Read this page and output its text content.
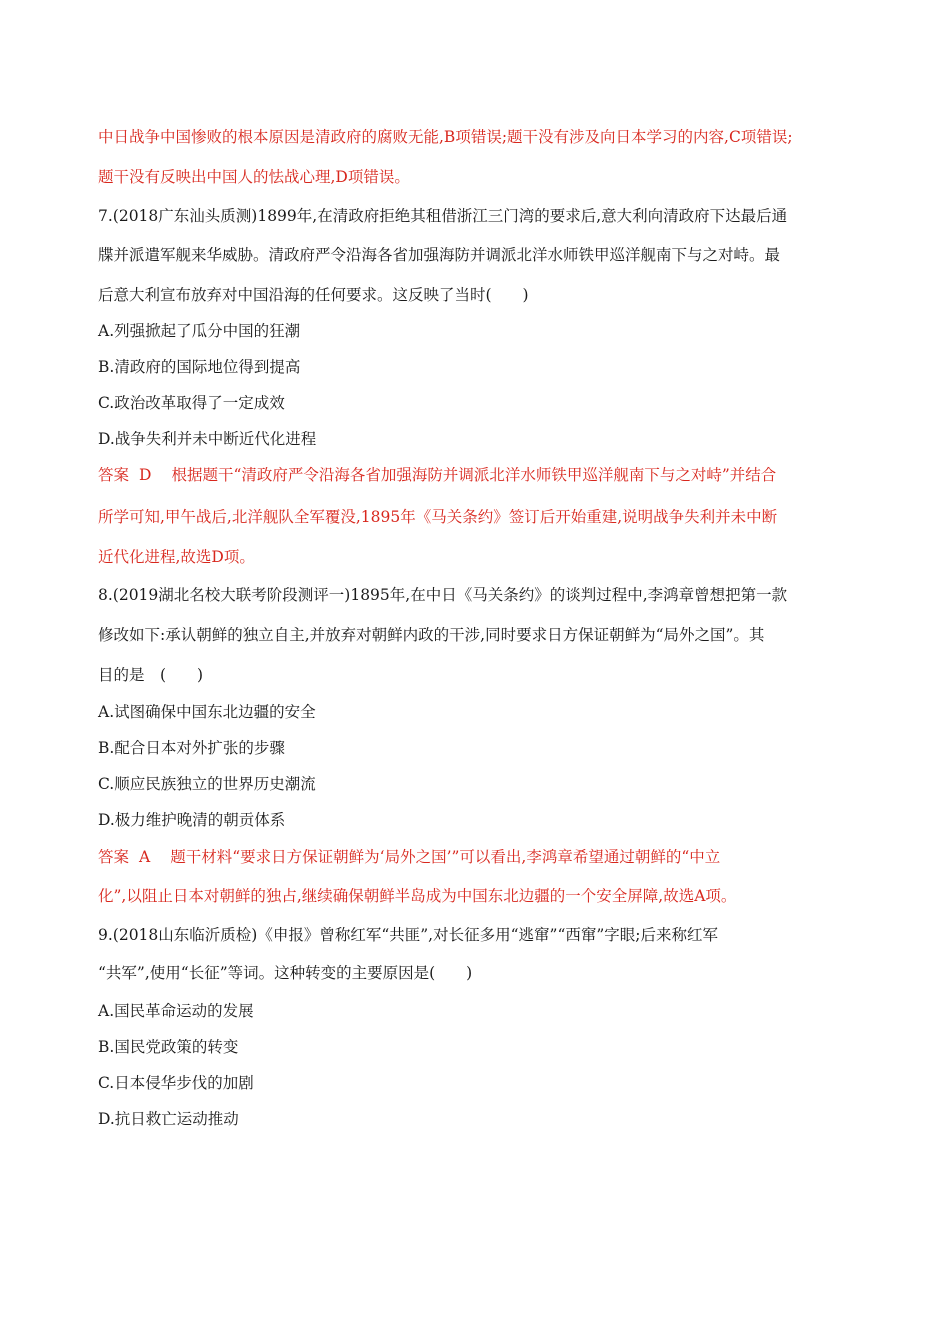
中日战争中国惨败的根本原因是清政府的腐败无能,B项错误;题干没有涉及向日本学习的内容,C项错误;
题干没有反映出中国人的怯战心理,D项错误。
7.(2018广东汕头质测)1899年,在清政府拒绝其租借浙江三门湾的要求后,意大利向清政府下达最后通
牒并派遣军舰来华威胁。清政府严令沿海各省加强海防并调派北洋水师铁甲巡洋舰南下与之对峙。最
后意大利宣布放弃对中国沿海的任何要求。这反映了当时(　　)
A.列强掀起了瓜分中国的狂潮
B.清政府的国际地位得到提高
C.政治改革取得了一定成效
D.战争失利并未中断近代化进程
答案 D 根据题干“清政府严令沿海各省加强海防并调派北洋水师铁甲巡洋舰南下与之对峙”并结合
所学可知,甲午战后,北洋舰队全军覆没,1895年《马关条约》签订后开始重建,说明战争失利并未中断
近代化进程,故选D项。
8.(2019湖北名校大联考阶段测评一)1895年,在中日《马关条约》的谈判过程中,李鸿章曾想把第一款
修改如下:承认朝鲜的独立自主,并放弃对朝鲜内政的干涉,同时要求日方保证朝鲜为“局外之国”。其
目的是　(　　)
A.试图确保中国东北边疆的安全
B.配合日本对外扩张的步骤
C.顺应民族独立的世界历史潮流
D.极力维护晚清的朝贡体系
答案 A 题干材料“要求日方保证朝鲜为‘局外之国’”可以看出,李鸿章希望通过朝鲜的“中立
化”,以阻止日本对朝鲜的独占,继续确保朝鲜半岛成为中国东北边疆的一个安全屏障,故选A项。
9.(2018山东临沂质检)《申报》曾称红军“共匪”,对长征多用“逃窜”“西窜”字眼;后来称红军
“共军”,使用“长征”等词。这种转变的主要原因是(　　)
A.国民革命运动的发展
B.国民党政策的转变
C.日本侵华步伐的加剧
D.抗日救亡运动推动
